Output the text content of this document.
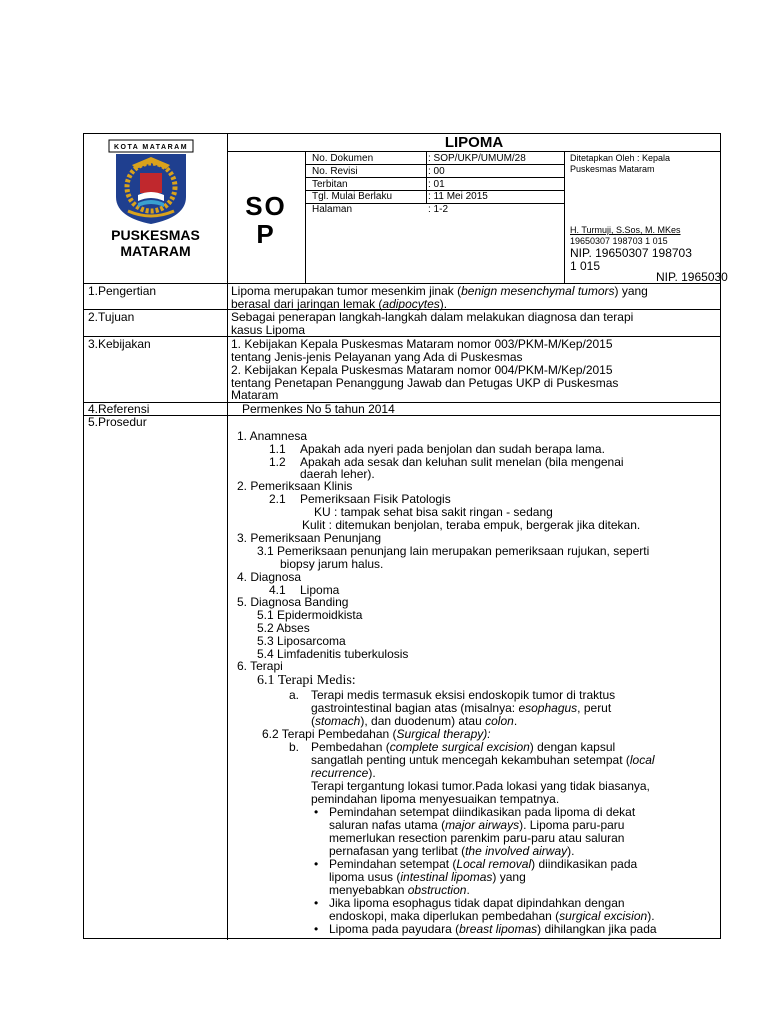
KOTA MATARAM
PUSKESMAS
MATARAM
LIPOMA
SO
P
No. Dokumen
No. Revisi
Terbitan
Tgl. Mulai Berlaku
Halaman
: SOP/UKP/UMUM/28
: 00
: 01
: 11 Mei 2015
: 1-2
Ditetapkan Oleh : Kepala
Puskesmas Mataram
H. Turmuji, S.Sos, M. MKes
19650307 198703 1 015
NIP. 19650307 198703
1 015
NIP. 1965030
1.Pengertian
2.Tujuan
3.Kebijakan
4.Referensi
5.Prosedur
Lipoma merupakan tumor mesenkim jinak (benign mesenchymal tumors) yang
berasal dari jaringan lemak (adipocytes).
Sebagai penerapan langkah-langkah dalam melakukan diagnosa dan terapi
kasus Lipoma
1. Kebijakan Kepala Puskesmas Mataram nomor 003/PKM-M/Kep/2015
tentang Jenis-jenis Pelayanan yang Ada di Puskesmas
2. Kebijakan Kepala Puskesmas Mataram nomor 004/PKM-M/Kep/2015
tentang Penetapan Penanggung Jawab dan Petugas UKP di Puskesmas
Mataram
Permenkes No 5 tahun 2014
1. Anamnesa
1.1 Apakah ada nyeri pada benjolan dan sudah berapa lama.
1.2 Apakah ada sesak dan keluhan sulit menelan (bila mengenai
daerah leher).
2. Pemeriksaan Klinis
2.1 Pemeriksaan Fisik Patologis
KU : tampak sehat bisa sakit ringan - sedang
Kulit : ditemukan benjolan, teraba empuk, bergerak jika ditekan.
3. Pemeriksaan Penunjang
3.1 Pemeriksaan penunjang lain merupakan pemeriksaan rujukan, seperti
biopsy jarum halus.
4. Diagnosa
4.1 Lipoma
5. Diagnosa Banding
5.1 Epidermoidkista
5.2 Abses
5.3 Liposarcoma
5.4 Limfadenitis tuberkulosis
6. Terapi
6.1 Terapi Medis:
a. Terapi medis termasuk eksisi endoskopik tumor di traktus
gastrointestinal bagian atas (misalnya: esophagus, perut
(stomach), dan duodenum) atau colon.
6.2 Terapi Pembedahan (Surgical therapy):
b. Pembedahan (complete surgical excision) dengan kapsul
sangatlah penting untuk mencegah kekambuhan setempat (local
recurrence).
Terapi tergantung lokasi tumor.Pada lokasi yang tidak biasanya,
pemindahan lipoma menyesuaikan tempatnya.
• Pemindahan setempat diindikasikan pada lipoma di dekat
saluran nafas utama (major airways). Lipoma paru-paru
memerlukan resection parenkim paru-paru atau saluran
pernafasan yang terlibat (the involved airway).
• Pemindahan setempat (Local removal) diindikasikan pada
lipoma usus (intestinal lipomas) yang
menyebabkan obstruction.
• Jika lipoma esophagus tidak dapat dipindahkan dengan
endoskopi, maka diperlukan pembedahan (surgical excision).
• Lipoma pada payudara (breast lipomas) dihilangkan jika pada
